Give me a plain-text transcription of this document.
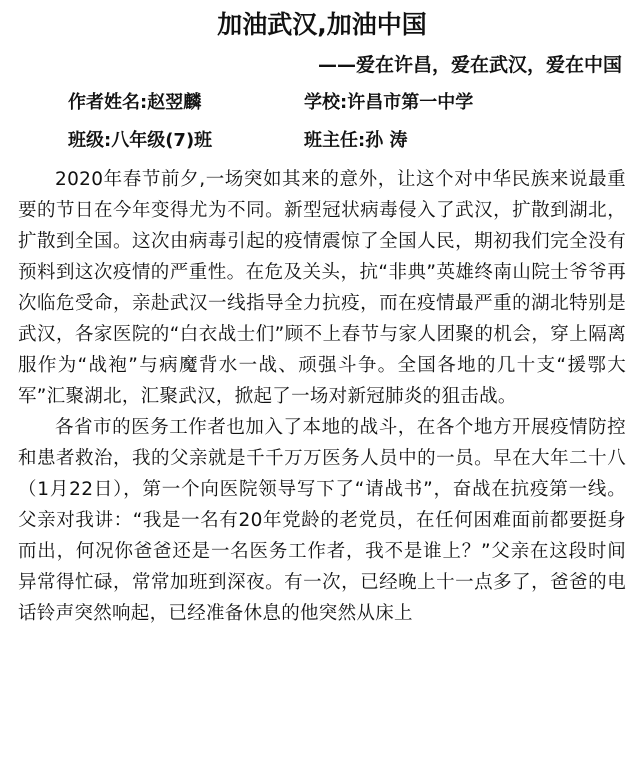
加油武汉,加油中国
——爱在许昌，爱在武汉，爱在中国
作者姓名:赵翌麟	学校:许昌市第一中学
班级:八年级(7)班	班主任:孙 涛

2020年春节前夕,一场突如其来的意外，让这个对中华民族来说最重要的节日在今年变得尤为不同。新型冠状病毒侵入了武汉，扩散到湖北，扩散到全国。这次由病毒引起的疫情震惊了全国人民，期初我们完全没有预料到这次疫情的严重性。在危及关头，抗“非典”英雄终南山院士爷爷再次临危受命，亲赴武汉一线指导全力抗疫，而在疫情最严重的湖北特别是武汉，各家医院的“白衣战士们”顾不上春节与家人团聚的机会，穿上隔离服作为“战袍”与病魔背水一战、顽强斗争。全国各地的几十支“援鄂大军”汇聚湖北，汇聚武汉，掀起了一场对新冠肺炎的狙击战。

各省市的医务工作者也加入了本地的战斗，在各个地方开展疫情防控和患者救治，我的父亲就是千千万万医务人员中的一员。早在大年二十八（1月22日），第一个向医院领导写下了“请战书”，奋战在抗疫第一线。父亲对我讲：“我是一名有20年党龄的老党员，在任何困难面前都要挺身而出，何况你爸爸还是一名医务工作者，我不是谁上？”父亲在这段时间异常得忙碌，常常加班到深夜。有一次，已经晚上十一点多了，爸爸的电话铃声突然响起，已经准备休息的他突然从床上
